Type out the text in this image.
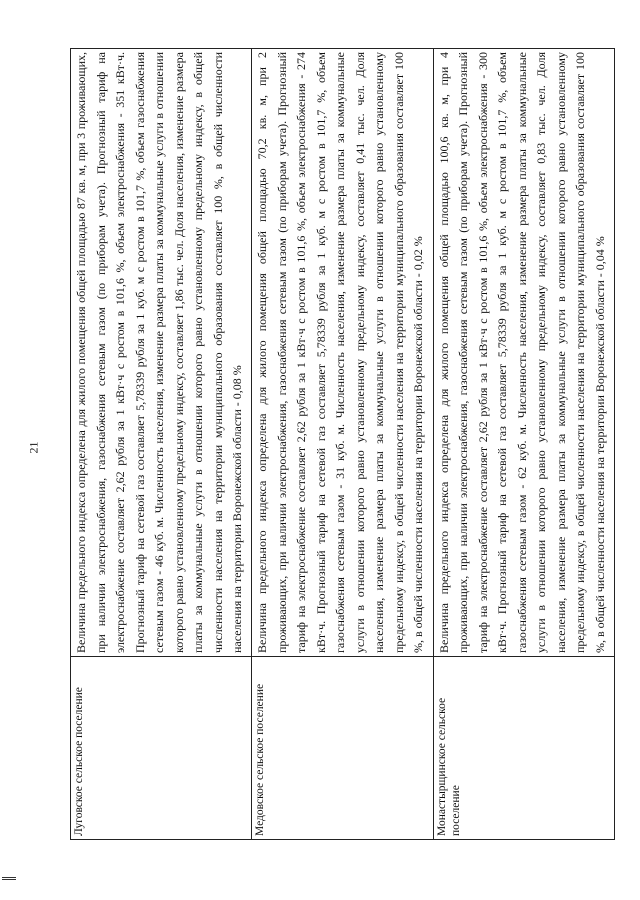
21
Луговское сельское поселение	Величина предельного индекса определена для жилого помещения общей площадью 87 кв. м, при 3 проживающих, при наличии электроснабжения, газоснабжения сетевым газом (по приборам учета). Прогнозный тариф на электроснабжение составляет 2,62 рубля за 1 кВт·ч с ростом в 101,6 %, объем электроснабжения - 351 кВт·ч. Прогнозный тариф на сетевой газ составляет 5,78339 рубля за 1 куб. м с ростом в 101,7 %, объем газоснабжения сетевым газом - 46 куб. м. Численность населения, изменение размера платы за коммунальные услуги в отношении которого равно установленному предельному индексу, составляет 1,86 тыс. чел. Доля населения, изменение размера платы за коммунальные услуги в отношении которого равно установленному предельному индексу, в общей численности населения на территории муниципального образования составляет 100 %, в общей численности населения на территории Воронежской области - 0,08 %
Медовское сельское поселение	Величина предельного индекса определена для жилого помещения общей площадью 70,2 кв. м, при 2 проживающих, при наличии электроснабжения, газоснабжения сетевым газом (по приборам учета). Прогнозный тариф на электроснабжение составляет 2,62 рубля за 1 кВт·ч с ростом в 101,6 %, объем электроснабжения - 274 кВт·ч. Прогнозный тариф на сетевой газ составляет 5,78339 рубля за 1 куб. м с ростом в 101,7 %, объем газоснабжения сетевым газом - 31 куб. м. Численность населения, изменение размера платы за коммунальные услуги в отношении которого равно установленному предельному индексу, составляет 0,41 тыс. чел. Доля населения, изменение размера платы за коммунальные услуги в отношении которого равно установленному предельному индексу, в общей численности населения на территории муниципального образования составляет 100 %, в общей численности населения на территории Воронежской области - 0,02 %
Монастырщинское сельское поселение	Величина предельного индекса определена для жилого помещения общей площадью 100,6 кв. м, при 4 проживающих, при наличии электроснабжения, газоснабжения сетевым газом (по приборам учета). Прогнозный тариф на электроснабжение составляет 2,62 рубля за 1 кВт·ч с ростом в 101,6 %, объем электроснабжения - 300 кВт·ч. Прогнозный тариф на сетевой газ составляет 5,78339 рубля за 1 куб. м с ростом в 101,7 %, объем газоснабжения сетевым газом - 62 куб. м. Численность населения, изменение размера платы за коммунальные услуги в отношении которого равно установленному предельному индексу, составляет 0,83 тыс. чел. Доля населения, изменение размера платы за коммунальные услуги в отношении которого равно установленному предельному индексу, в общей численности населения на территории муниципального образования составляет 100 %, в общей численности населения на территории Воронежской области - 0,04 %
